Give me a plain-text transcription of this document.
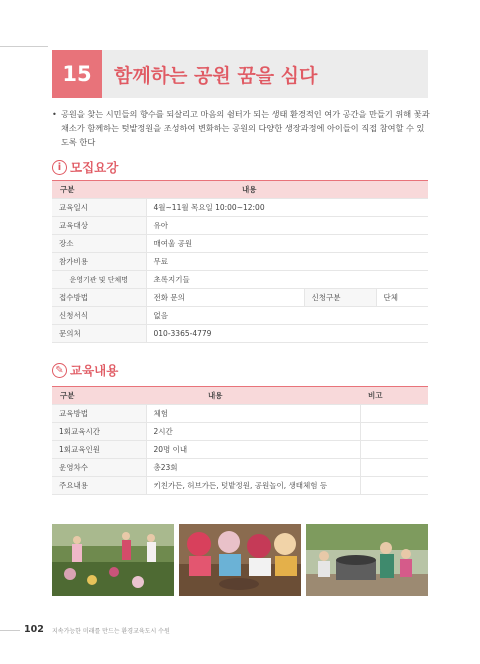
15	함께하는 공원 꿈을 심다
• 공원을 찾는 시민들의 향수를 되살리고 마음의 쉼터가 되는 생태 환경적인 여가 공간을 만들기 위해 꽃과 채소가 함께하는 텃밭정원을 조성하여 변화하는 공원의 다양한 생장과정에 아이들이 직접 참여할 수 있도록 한다

i 모집요강
구분	내용		
교육일시	4월~11월 목요일 10:00~12:00		
교육대상	유아		
장소	매여울 공원		
참가비용	무료		
운영기관 및 단체명	초록지기들		
접수방법	전화 문의	신청구분	단체
신청서식	없음		
문의처	010-3365-4779		
✎ 교육내용
구분	내용	비고
교육방법	체험	
1회교육시간	2시간	
1회교육인원	20명 이내	
운영차수	총23회	
주요내용	키친가든, 허브가든, 텃밭정원, 공원놀이, 생태체험 등	
102 지속가능한 미래를 만드는 환경교육도시 수원
